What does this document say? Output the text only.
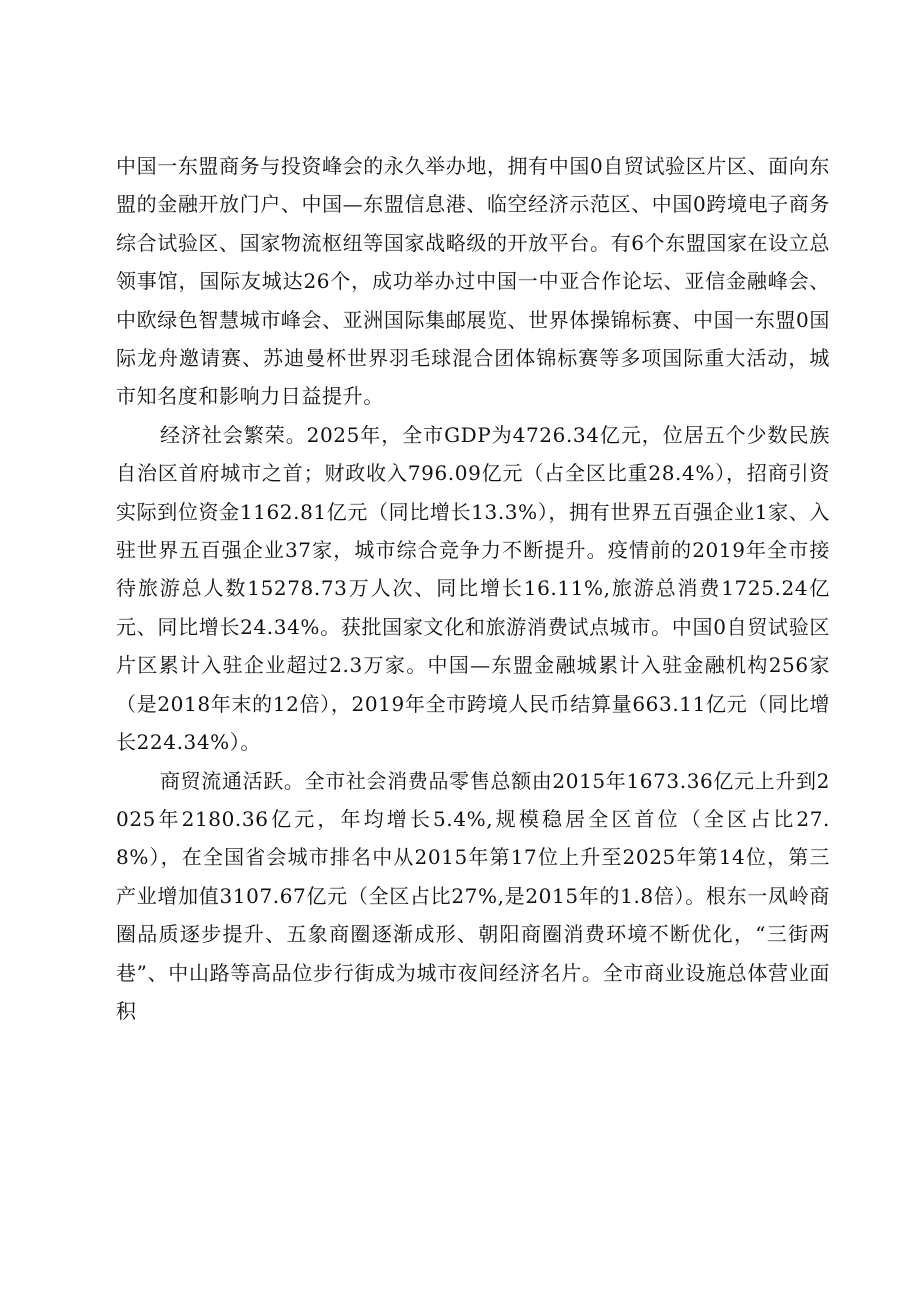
中国一东盟商务与投资峰会的永久举办地，拥有中国0自贸试验区片区、面向东盟的金融开放门户、中国—东盟信息港、临空经济示范区、中国0跨境电子商务综合试验区、国家物流枢纽等国家战略级的开放平台。有6个东盟国家在设立总领事馆，国际友城达26个，成功举办过中国一中亚合作论坛、亚信金融峰会、中欧绿色智慧城市峰会、亚洲国际集邮展览、世界体操锦标赛、中国一东盟0国际龙舟邀请赛、苏迪曼杯世界羽毛球混合团体锦标赛等多项国际重大活动，城市知名度和影响力日益提升。

经济社会繁荣。2025年，全市GDP为4726.34亿元，位居五个少数民族自治区首府城市之首；财政收入796.09亿元（占全区比重28.4%），招商引资实际到位资金1162.81亿元（同比增长13.3%），拥有世界五百强企业1家、入驻世界五百强企业37家，城市综合竞争力不断提升。疫情前的2019年全市接待旅游总人数15278.73万人次、同比增长16.11%,旅游总消费1725.24亿元、同比增长24.34%。获批国家文化和旅游消费试点城市。中国0自贸试验区片区累计入驻企业超过2.3万家。中国—东盟金融城累计入驻金融机构256家（是2018年末的12倍），2019年全市跨境人民币结算量663.11亿元（同比增长224.34%）。

商贸流通活跃。全市社会消费品零售总额由2015年1673.36亿元上升到2025年2180.36亿元，年均增长5.4%,规模稳居全区首位（全区占比27.8%），在全国省会城市排名中从2015年第17位上升至2025年第14位，第三产业增加值3107.67亿元（全区占比27%,是2015年的1.8倍）。根东一凤岭商圈品质逐步提升、五象商圈逐渐成形、朝阳商圈消费环境不断优化，“三街两巷”、中山路等高品位步行街成为城市夜间经济名片。全市商业设施总体营业面积
